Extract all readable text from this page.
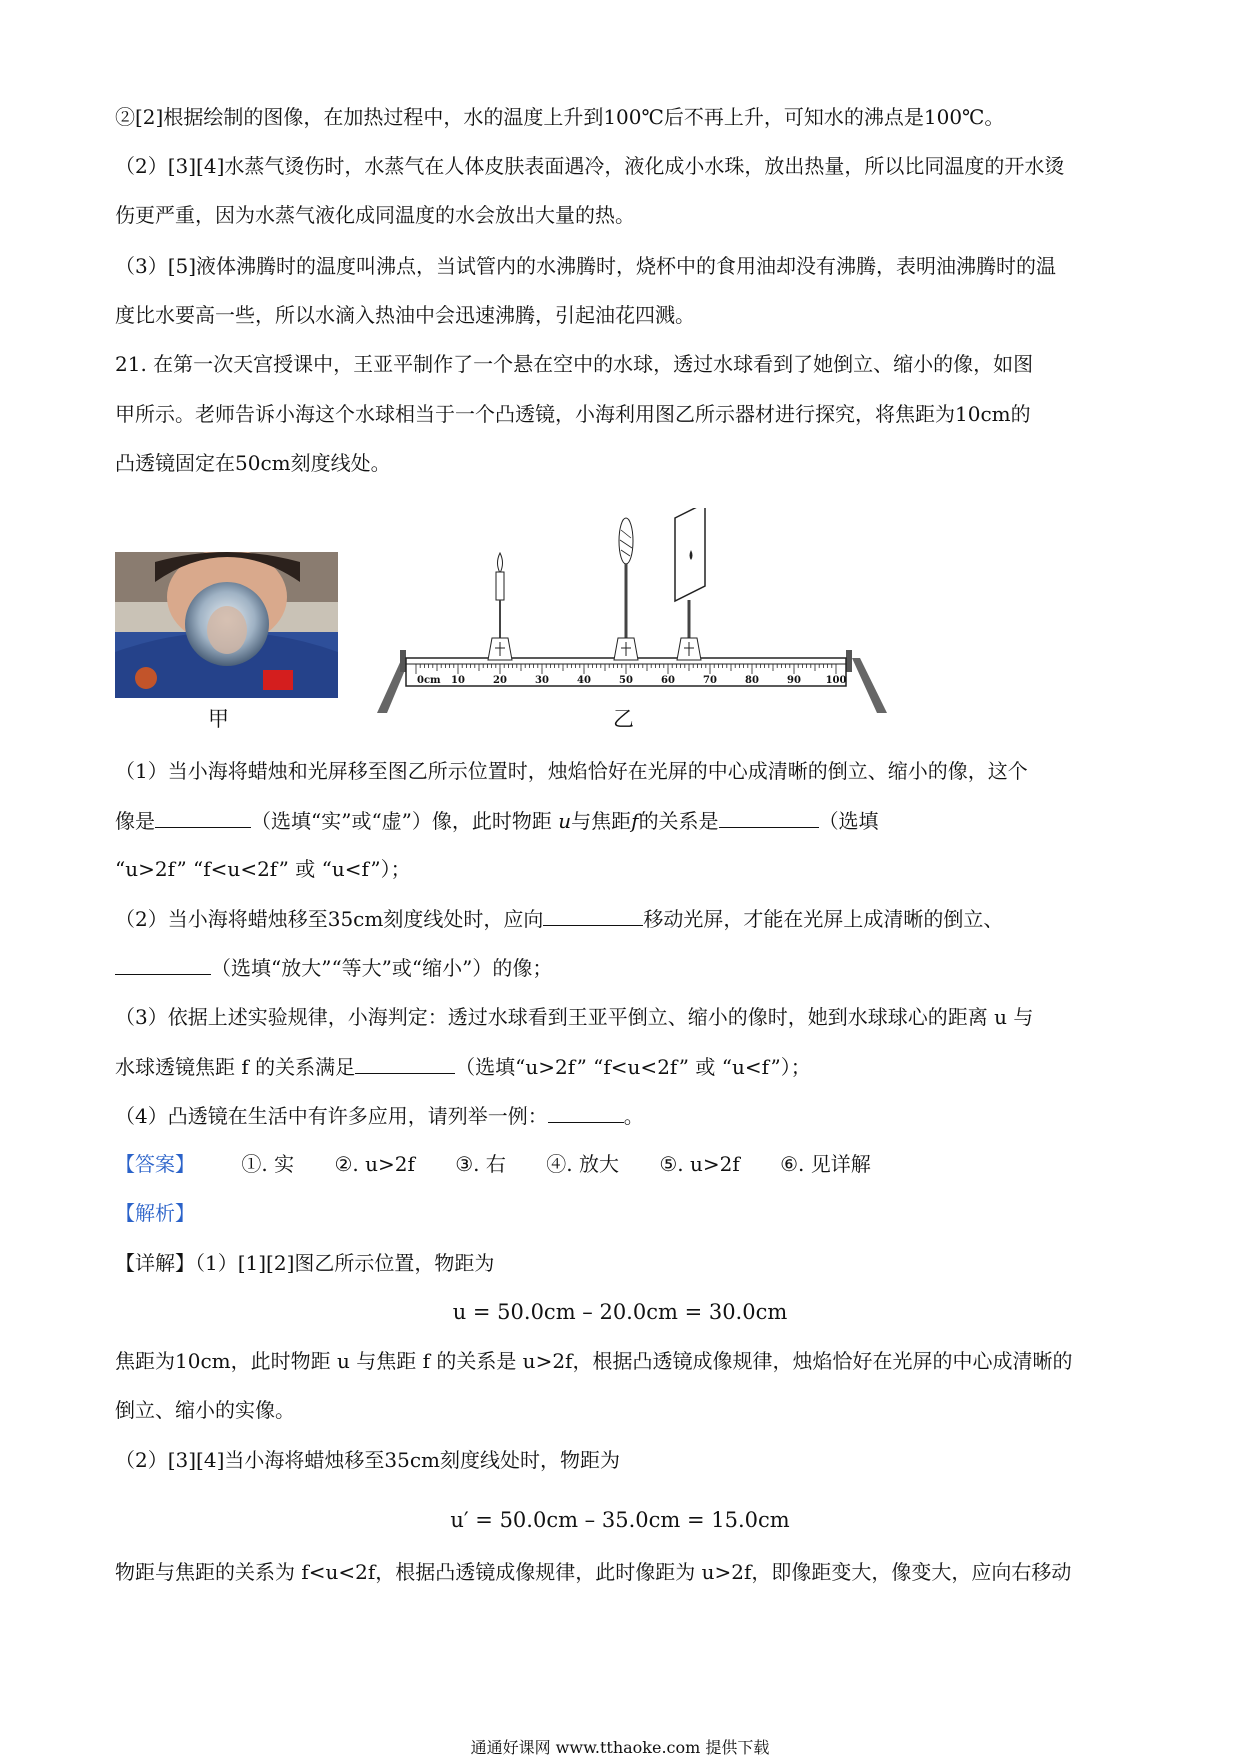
②[2]根据绘制的图像，在加热过程中，水的温度上升到100℃后不再上升，可知水的沸点是100℃。
（2）[3][4]水蒸气烫伤时，水蒸气在人体皮肤表面遇冷，液化成小水珠，放出热量，所以比同温度的开水烫
伤更严重，因为水蒸气液化成同温度的水会放出大量的热。
（3）[5]液体沸腾时的温度叫沸点，当试管内的水沸腾时，烧杯中的食用油却没有沸腾，表明油沸腾时的温
度比水要高一些，所以水滴入热油中会迅速沸腾，引起油花四溅。
21. 在第一次天宫授课中，王亚平制作了一个悬在空中的水球，透过水球看到了她倒立、缩小的像，如图
甲所示。老师告诉小海这个水球相当于一个凸透镜，小海利用图乙所示器材进行探究，将焦距为10cm的
凸透镜固定在50cm刻度线处。
甲
0cm 10	20	30	40	50	60	70	80	90 100
乙
（1）当小海将蜡烛和光屏移至图乙所示位置时，烛焰恰好在光屏的中心成清晰的倒立、缩小的像，这个
像是	（选填“实”或“虚”）像，此时物距 u与焦距f的关系是	（选填
“u>2f” “f<u<2f” 或 “u<f”）；
（2）当小海将蜡烛移至35cm刻度线处时，应向	移动光屏，才能在光屏上成清晰的倒立、
（选填“放大”“等大”或“缩小”）的像；
（3）依据上述实验规律，小海判定：透过水球看到王亚平倒立、缩小的像时，她到水球球心的距离 u 与
水球透镜焦距 f 的关系满足	（选填“u>2f” “f<u<2f” 或 “u<f”）；
（4）凸透镜在生活中有许多应用，请列举一例：	。
【答案】 ①. 实 ②. u>2f ③. 右 ④. 放大 ⑤. u>2f ⑥. 见详解
【解析】
【详解】（1）[1][2]图乙所示位置，物距为
u = 50.0cm – 20.0cm = 30.0cm
焦距为10cm，此时物距 u 与焦距 f 的关系是 u>2f，根据凸透镜成像规律，烛焰恰好在光屏的中心成清晰的
倒立、缩小的实像。
（2）[3][4]当小海将蜡烛移至35cm刻度线处时，物距为
u′ = 50.0cm – 35.0cm = 15.0cm
物距与焦距的关系为 f<u<2f，根据凸透镜成像规律，此时像距为 u>2f，即像距变大，像变大，应向右移动
通通好课网 www.tthaoke.com 提供下载
